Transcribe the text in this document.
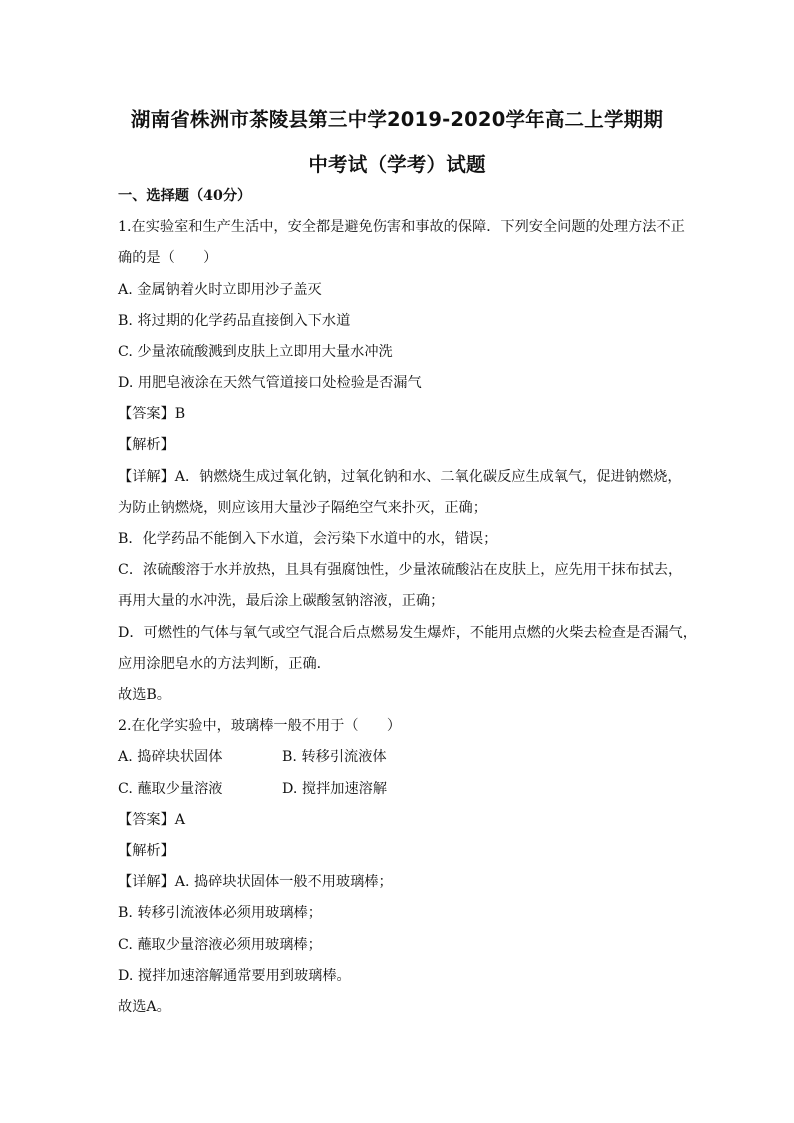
湖南省株洲市茶陵县第三中学2019-2020学年高二上学期期
中考试（学考）试题
一、选择题（40分）
1.在实验室和生产生活中，安全都是避免伤害和事故的保障．下列安全问题的处理方法不正
确的是（　　）
A. 金属钠着火时立即用沙子盖灭
B. 将过期的化学药品直接倒入下水道
C. 少量浓硫酸溅到皮肤上立即用大量水冲洗
D. 用肥皂液涂在天然气管道接口处检验是否漏气
【答案】B
【解析】
【详解】A．钠燃烧生成过氧化钠，过氧化钠和水、二氧化碳反应生成氧气，促进钠燃烧，
为防止钠燃烧，则应该用大量沙子隔绝空气来扑灭，正确；
B．化学药品不能倒入下水道，会污染下水道中的水，错误；
C．浓硫酸溶于水并放热，且具有强腐蚀性，少量浓硫酸沾在皮肤上，应先用干抹布拭去，
再用大量的水冲洗，最后涂上碳酸氢钠溶液，正确；
D．可燃性的气体与氧气或空气混合后点燃易发生爆炸，不能用点燃的火柴去检查是否漏气，
应用涂肥皂水的方法判断，正确．
故选B。
2.在化学实验中，玻璃棒一般不用于（　　）
A. 捣碎块状固体	B. 转移引流液体
C. 蘸取少量溶液	D. 搅拌加速溶解
【答案】A
【解析】
【详解】A. 捣碎块状固体一般不用玻璃棒；
B. 转移引流液体必须用玻璃棒；
C. 蘸取少量溶液必须用玻璃棒；
D. 搅拌加速溶解通常要用到玻璃棒。
故选A。
